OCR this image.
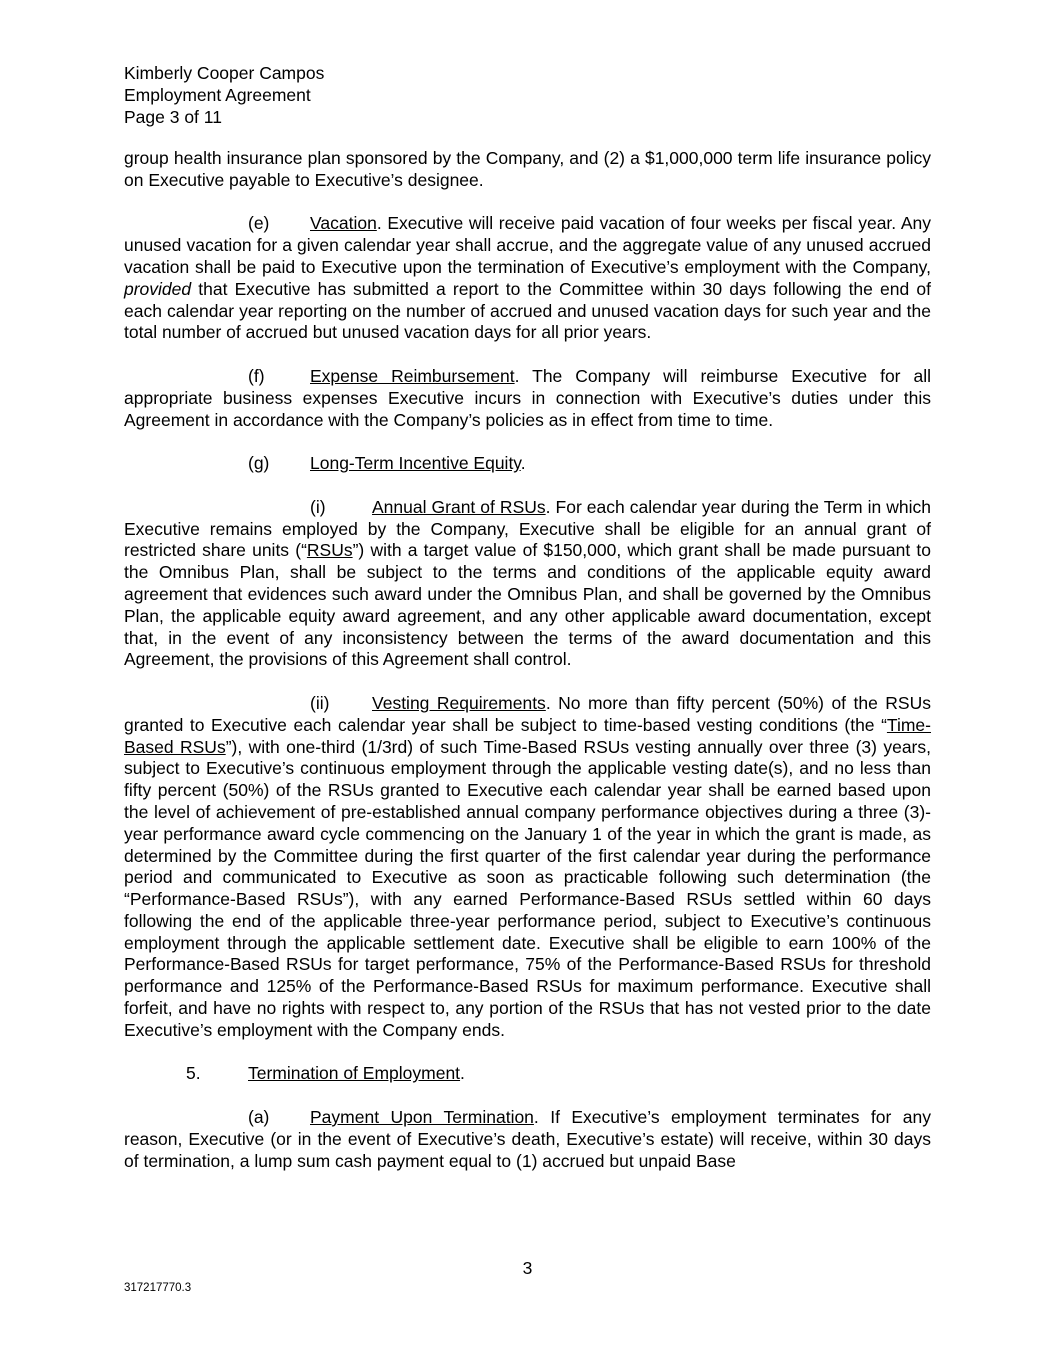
Kimberly Cooper Campos
Employment Agreement
Page 3 of 11

group health insurance plan sponsored by the Company, and (2) a $1,000,000 term life insurance policy on Executive payable to Executive’s designee.

(e) Vacation. Executive will receive paid vacation of four weeks per fiscal year. Any unused vacation for a given calendar year shall accrue, and the aggregate value of any unused accrued vacation shall be paid to Executive upon the termination of Executive’s employment with the Company, provided that Executive has submitted a report to the Committee within 30 days following the end of each calendar year reporting on the number of accrued and unused vacation days for such year and the total number of accrued but unused vacation days for all prior years.

(f)	Expense Reimbursement. The Company will reimburse Executive for all appropriate business expenses Executive incurs in connection with Executive’s duties under this Agreement in accordance with the Company’s policies as in effect from time to time.

(g) Long-Term Incentive Equity.

(i)	Annual Grant of RSUs. For each calendar year during the Term in which Executive remains employed by the Company, Executive shall be eligible for an annual grant of restricted share units (“RSUs”) with a target value of $150,000, which grant shall be made pursuant to the Omnibus Plan, shall be subject to the terms and conditions of the applicable equity award agreement that evidences such award under the Omnibus Plan, and shall be governed by the Omnibus Plan, the applicable equity award agreement, and any other applicable award documentation, except that, in the event of any inconsistency between the terms of the award documentation and this Agreement, the provisions of this Agreement shall control.

(ii) Vesting Requirements. No more than fifty percent (50%) of the RSUs granted to Executive each calendar year shall be subject to time-based vesting conditions (the “Time-Based RSUs”), with one-third (1/3rd) of such Time-Based RSUs vesting annually over three (3) years, subject to Executive’s continuous employment through the applicable vesting date(s), and no less than fifty percent (50%) of the RSUs granted to Executive each calendar year shall be earned based upon the level of achievement of pre-established annual company performance objectives during a three (3)-year performance award cycle commencing on the January 1 of the year in which the grant is made, as determined by the Committee during the first quarter of the first calendar year during the performance period and communicated to Executive as soon as practicable following such determination (the “Performance-Based RSUs”), with any earned Performance-Based RSUs settled within 60 days following the end of the applicable three-year performance period, subject to Executive’s continuous employment through the applicable settlement date. Executive shall be eligible to earn 100% of the Performance-Based RSUs for target performance, 75% of the Performance-Based RSUs for threshold performance and 125% of the Performance-Based RSUs for maximum performance. Executive shall forfeit, and have no rights with respect to, any portion of the RSUs that has not vested prior to the date Executive’s employment with the Company ends.

5.	Termination of Employment.

(a) Payment Upon Termination. If Executive’s employment terminates for any reason, Executive (or in the event of Executive’s death, Executive’s estate) will receive, within 30 days of termination, a lump sum cash payment equal to (1) accrued but unpaid Base

3
317217770.3
